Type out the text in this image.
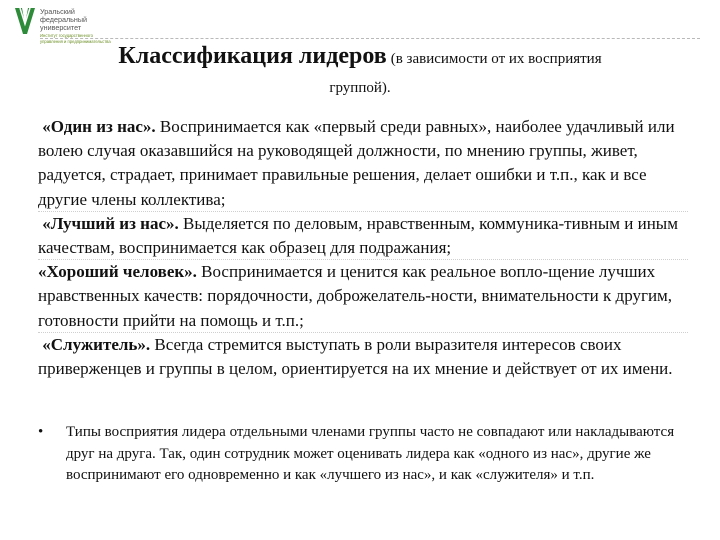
Уральский
федеральный
университет
Институт государственного
управления и предпринимательства
Классификация лидеров (в зависимости от их восприятия
группой).

«Один из нас». Воспринимается как «первый среди равных», наиболее удачливый или волею случая оказавшийся на руководящей должности, по мнению группы, живет, радуется, страдает, принимает правильные решения, делает ошибки и т.п., как и все другие члены коллектива;

«Лучший из нас». Выделяется по деловым, нравственным, коммуника-тивным и иным качествам, воспринимается как образец для подражания;

«Хороший человек». Воспринимается и ценится как реальное вопло-щение лучших нравственных качеств: порядочности, доброжелатель-ности, внимательности к другим, готовности прийти на помощь и т.п.;

«Служитель». Всегда стремится выступать в роли выразителя интересов своих приверженцев и группы в целом, ориентируется на их мнение и действует от их имени.

•	Типы восприятия лидера отдельными членами группы часто не совпадают или накладываются друг на друга. Так, один сотрудник может оценивать лидера как «одного из нас», другие же воспринимают его одновременно и как «лучшего из нас», и как «служителя» и т.п.
